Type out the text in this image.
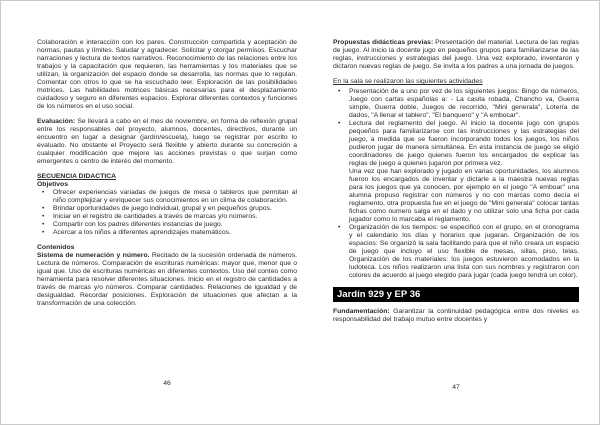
Colaboración e interacción con los pares. Construcción compartida y aceptación de normas, pautas y límites. Saludar y agradecer. Solicitar y otorgar permisos. Escuchar narraciones y lectura de textos narrativos. Reconocimiento de las relaciones entre los trabajos y la capacitación que requieren, las herramientas y los materiales que se utilizan, la organización del espacio donde se desarrolla, las normas que lo regulan. Comentar con otros lo que se ha escuchado leer. Exploración de las posibilidades motrices. Las habilidades motrices básicas necesarias para el desplazamiento cuidadoso y seguro en diferentes espacios. Explorar diferentes contextos y funciones de los números en el uso social.

Evaluación: Se llevará a cabo en el mes de noviembre, en forma de reflexión grupal entre los responsables del proyecto, alumnos, docentes, directivos, durante un encuentro en lugar a designar (jardín/escuela), luego se registrar por escrito lo evaluado. No obstante el Proyecto será flexible y abierto durante su concreción a cualquier modificación que mejore las acciones previstas o que surjan como emergentes o centro de interés del momento.

SECUENCIA DIDACTICA
Objetivos
• Ofrecer experiencias variadas de juegos de mesa o tableros que permitan al niño complejizar y enriquecer sus conocimientos en un clima de colaboración.
• Brindar oportunidades de juego individual, grupal y en pequeños grupos.
• Iniciar en el registro de cantidades a través de marcas y/o números.
• Compartir con los padres diferentes instancias de juego.
• Acercar a los niños a diferentes aprendizajes matemáticos.
Contenidos

Sistema de numeración y número. Recitado de la sucesión ordenada de números. Lectura de números. Comparación de escrituras numéricas: mayor que, menor que o igual que. Uso de escrituras numéricas en diferentes contextos. Uso del conteo como herramienta para resolver diferentes situaciones. Inicio en el registro de cantidades a través de marcas y/o números. Comparar cantidades. Relaciones de igualdad y de desigualdad. Recordar posiciones. Exploración de situaciones que afectan a la transformación de una colección.

Propuestas didácticas previas: Presentación del material. Lectura de las reglas de juego. Al inicio la docente jugo en pequeños grupos para familiarizarse de las reglas, instrucciones y estrategias del juego. Una vez explorado, inventaron y dictaron nuevas reglas de juego. Se invita a los padres a una jornada de juegos.

En la sala se realizaron las siguientes actividades
• Presentación de a uno por vez de los siguientes juegos: Bingo de números, Juego con cartas españolas a: - La casita robada, Chancho va, Guerra simple, Guerra doble, Juegos de recorrido, "Mini generala", Lotería de dados, "A llenar el tablero", "El banquero" y "A embocar".
• Lectura del reglamento del juego. Al inicio la docente jugo con grupos pequeños para familiarizarse con las instrucciones y las estrategias del juego, a medida que se fueron incorporando todos los juegos, los niños pudieron jugar de manera simultánea. En esta instancia de juego se eligió coordinadores de juego quienes fueron los encargados de explicar las reglas de juego a quienes jugaron por primera vez.
Una vez que han explorado y jugado en varias oportunidades, los alumnos fueron los encargados de inventar y dictarle a la maestra nuevas reglas para los juegos que ya conocen, por ejemplo en el juego "A emboar" una alumna propuso registrar con números y no con marcas como decía el reglamento, otra propuesta fue en el juego de "Mini generala" colocar tantas fichas como numero salga en el dado y no utilizar solo una ficha por cada jugador como lo marcaba el reglamento.
• Organización de los tiempos: se especificó con el grupo, en el cronograma y el calendario los días y horarios que jugaran. Organización de los espacios: Se organizó la sala facilitando para que el niño creara un espacio de juego que incluyo el uso flexible de mesas, sillas, piso, telas. Organización de los materiales: los juegos estuvieron acomodados en la ludoteca. Los niños realizaron una lista con sus nombres y registraron con colores de acuerdo al juego elegido para jugar (cada juego tendrá un color).
Jardín 929 y EP 36

Fundamentación: Garantizar la continuidad pedagógica entre dos niveles es responsabilidad del trabajo mutuo entre docentes y

46
47
